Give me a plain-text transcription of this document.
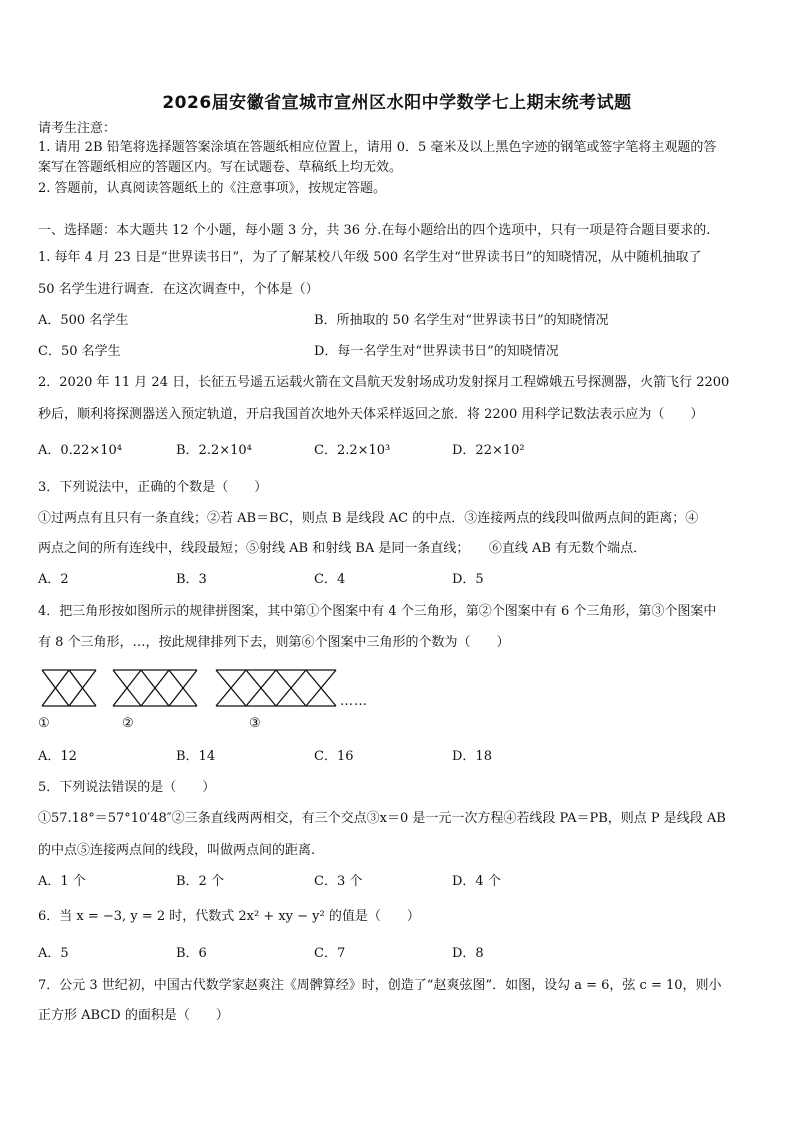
2026届安徽省宣城市宣州区水阳中学数学七上期末统考试题
请考生注意：
1. 请用 2B 铅笔将选择题答案涂填在答题纸相应位置上，请用 0．5 毫米及以上黑色字迹的钢笔或签字笔将主观题的答
案写在答题纸相应的答题区内。写在试题卷、草稿纸上均无效。
2. 答题前，认真阅读答题纸上的《注意事项》，按规定答题。
一、选择题：本大题共 12 个小题，每小题 3 分，共 36 分.在每小题给出的四个选项中，只有一项是符合题目要求的.
1. 每年 4 月 23 日是“世界读书日”，为了了解某校八年级 500 名学生对“世界读书日”的知晓情况，从中随机抽取了
50 名学生进行调查．在这次调查中，个体是（）
A．500 名学生	B．所抽取的 50 名学生对“世界读书日”的知晓情况
C．50 名学生	D．每一名学生对“世界读书日”的知晓情况
2．2020 年 11 月 24 日，长征五号遥五运载火箭在文昌航天发射场成功发射探月工程嫦娥五号探测器，火箭飞行 2200
秒后，顺利将探测器送入预定轨道，开启我国首次地外天体采样返回之旅．将 2200 用科学记数法表示应为（　　）
A．0.22×10⁴	B．2.2×10⁴	C．2.2×10³	D．22×10²
3．下列说法中，正确的个数是（　　）
①过两点有且只有一条直线；②若 AB＝BC，则点 B 是线段 AC 的中点．③连接两点的线段叫做两点间的距离；④
两点之间的所有连线中，线段最短；⑤射线 AB 和射线 BA 是同一条直线；　　⑥直线 AB 有无数个端点．
A．2	B．3	C．4	D．5
4．把三角形按如图所示的规律拼图案，其中第①个图案中有 4 个三角形，第②个图案中有 6 个三角形，第③个图案中
有 8 个三角形，…，按此规律排列下去，则第⑥个图案中三角形的个数为（　　）
……
①	②	③
A．12	B．14	C．16	D．18
5．下列说法错误的是（　　）
①57.18°＝57°10′48″②三条直线两两相交，有三个交点③x＝0 是一元一次方程④若线段 PA＝PB，则点 P 是线段 AB
的中点⑤连接两点间的线段，叫做两点间的距离.
A．1 个	B．2 个	C．3 个	D．4 个
6．当 x = −3, y = 2 时，代数式 2x² + xy − y² 的值是（　　）
A．5	B．6	C．7	D．8
7．公元 3 世纪初，中国古代数学家赵爽注《周髀算经》时，创造了“赵爽弦图”．如图，设勾 a = 6，弦 c = 10，则小
正方形 ABCD 的面积是（　　）
